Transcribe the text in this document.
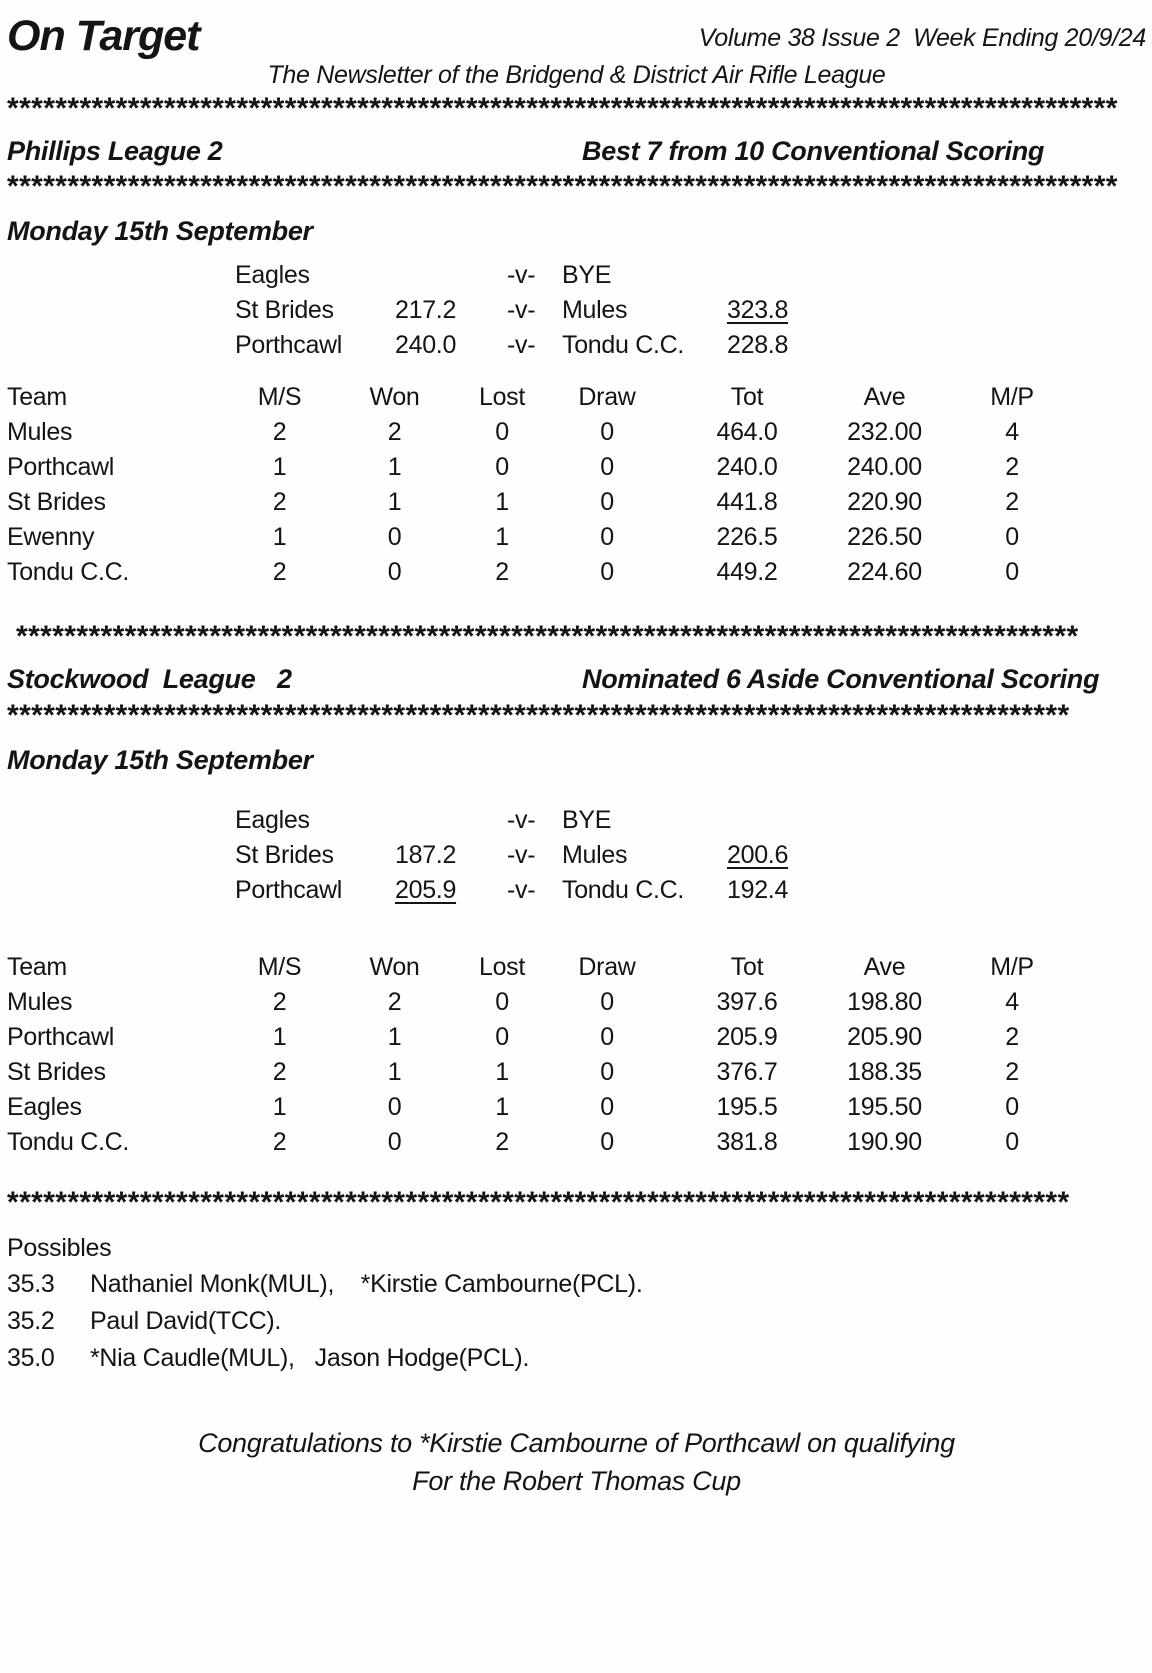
On Target	Volume 38 Issue 2  Week Ending 20/9/24
The Newsletter of the Bridgend & District Air Rifle League
********************************************************************************************
Phillips League 2	Best 7 from 10 Conventional Scoring
********************************************************************************************
Monday 15th September
Eagles	-v-	BYE
St Brides	217.2	-v-	Mules	323.8
Porthcawl	240.0	-v-	Tondu C.C.	228.8
Team	M/S	Won	Lost	Draw	Tot	Ave	M/P
Mules	2	2	0	0	464.0	232.00	4
Porthcawl	1	1	0	0	240.0	240.00	2
St Brides	2	1	1	0	441.8	220.90	2
Ewenny	1	0	1	0	226.5	226.50	0
Tondu C.C.	2	0	2	0	449.2	224.60	0
****************************************************************************************
Stockwood  League   2	Nominated 6 Aside Conventional Scoring
****************************************************************************************
Monday 15th September
Eagles	-v-	BYE
St Brides	187.2	-v-	Mules	200.6
Porthcawl	205.9	-v-	Tondu C.C.	192.4
Team	M/S	Won	Lost	Draw	Tot	Ave	M/P
Mules	2	2	0	0	397.6	198.80	4
Porthcawl	1	1	0	0	205.9	205.90	2
St Brides	2	1	1	0	376.7	188.35	2
Eagles	1	0	1	0	195.5	195.50	0
Tondu C.C.	2	0	2	0	381.8	190.90	0
****************************************************************************************
Possibles
35.3	Nathaniel Monk(MUL),    *Kirstie Cambourne(PCL).
35.2	Paul David(TCC).
35.0	*Nia Caudle(MUL),   Jason Hodge(PCL).
Congratulations to *Kirstie Cambourne of Porthcawl on qualifying
For the Robert Thomas Cup
